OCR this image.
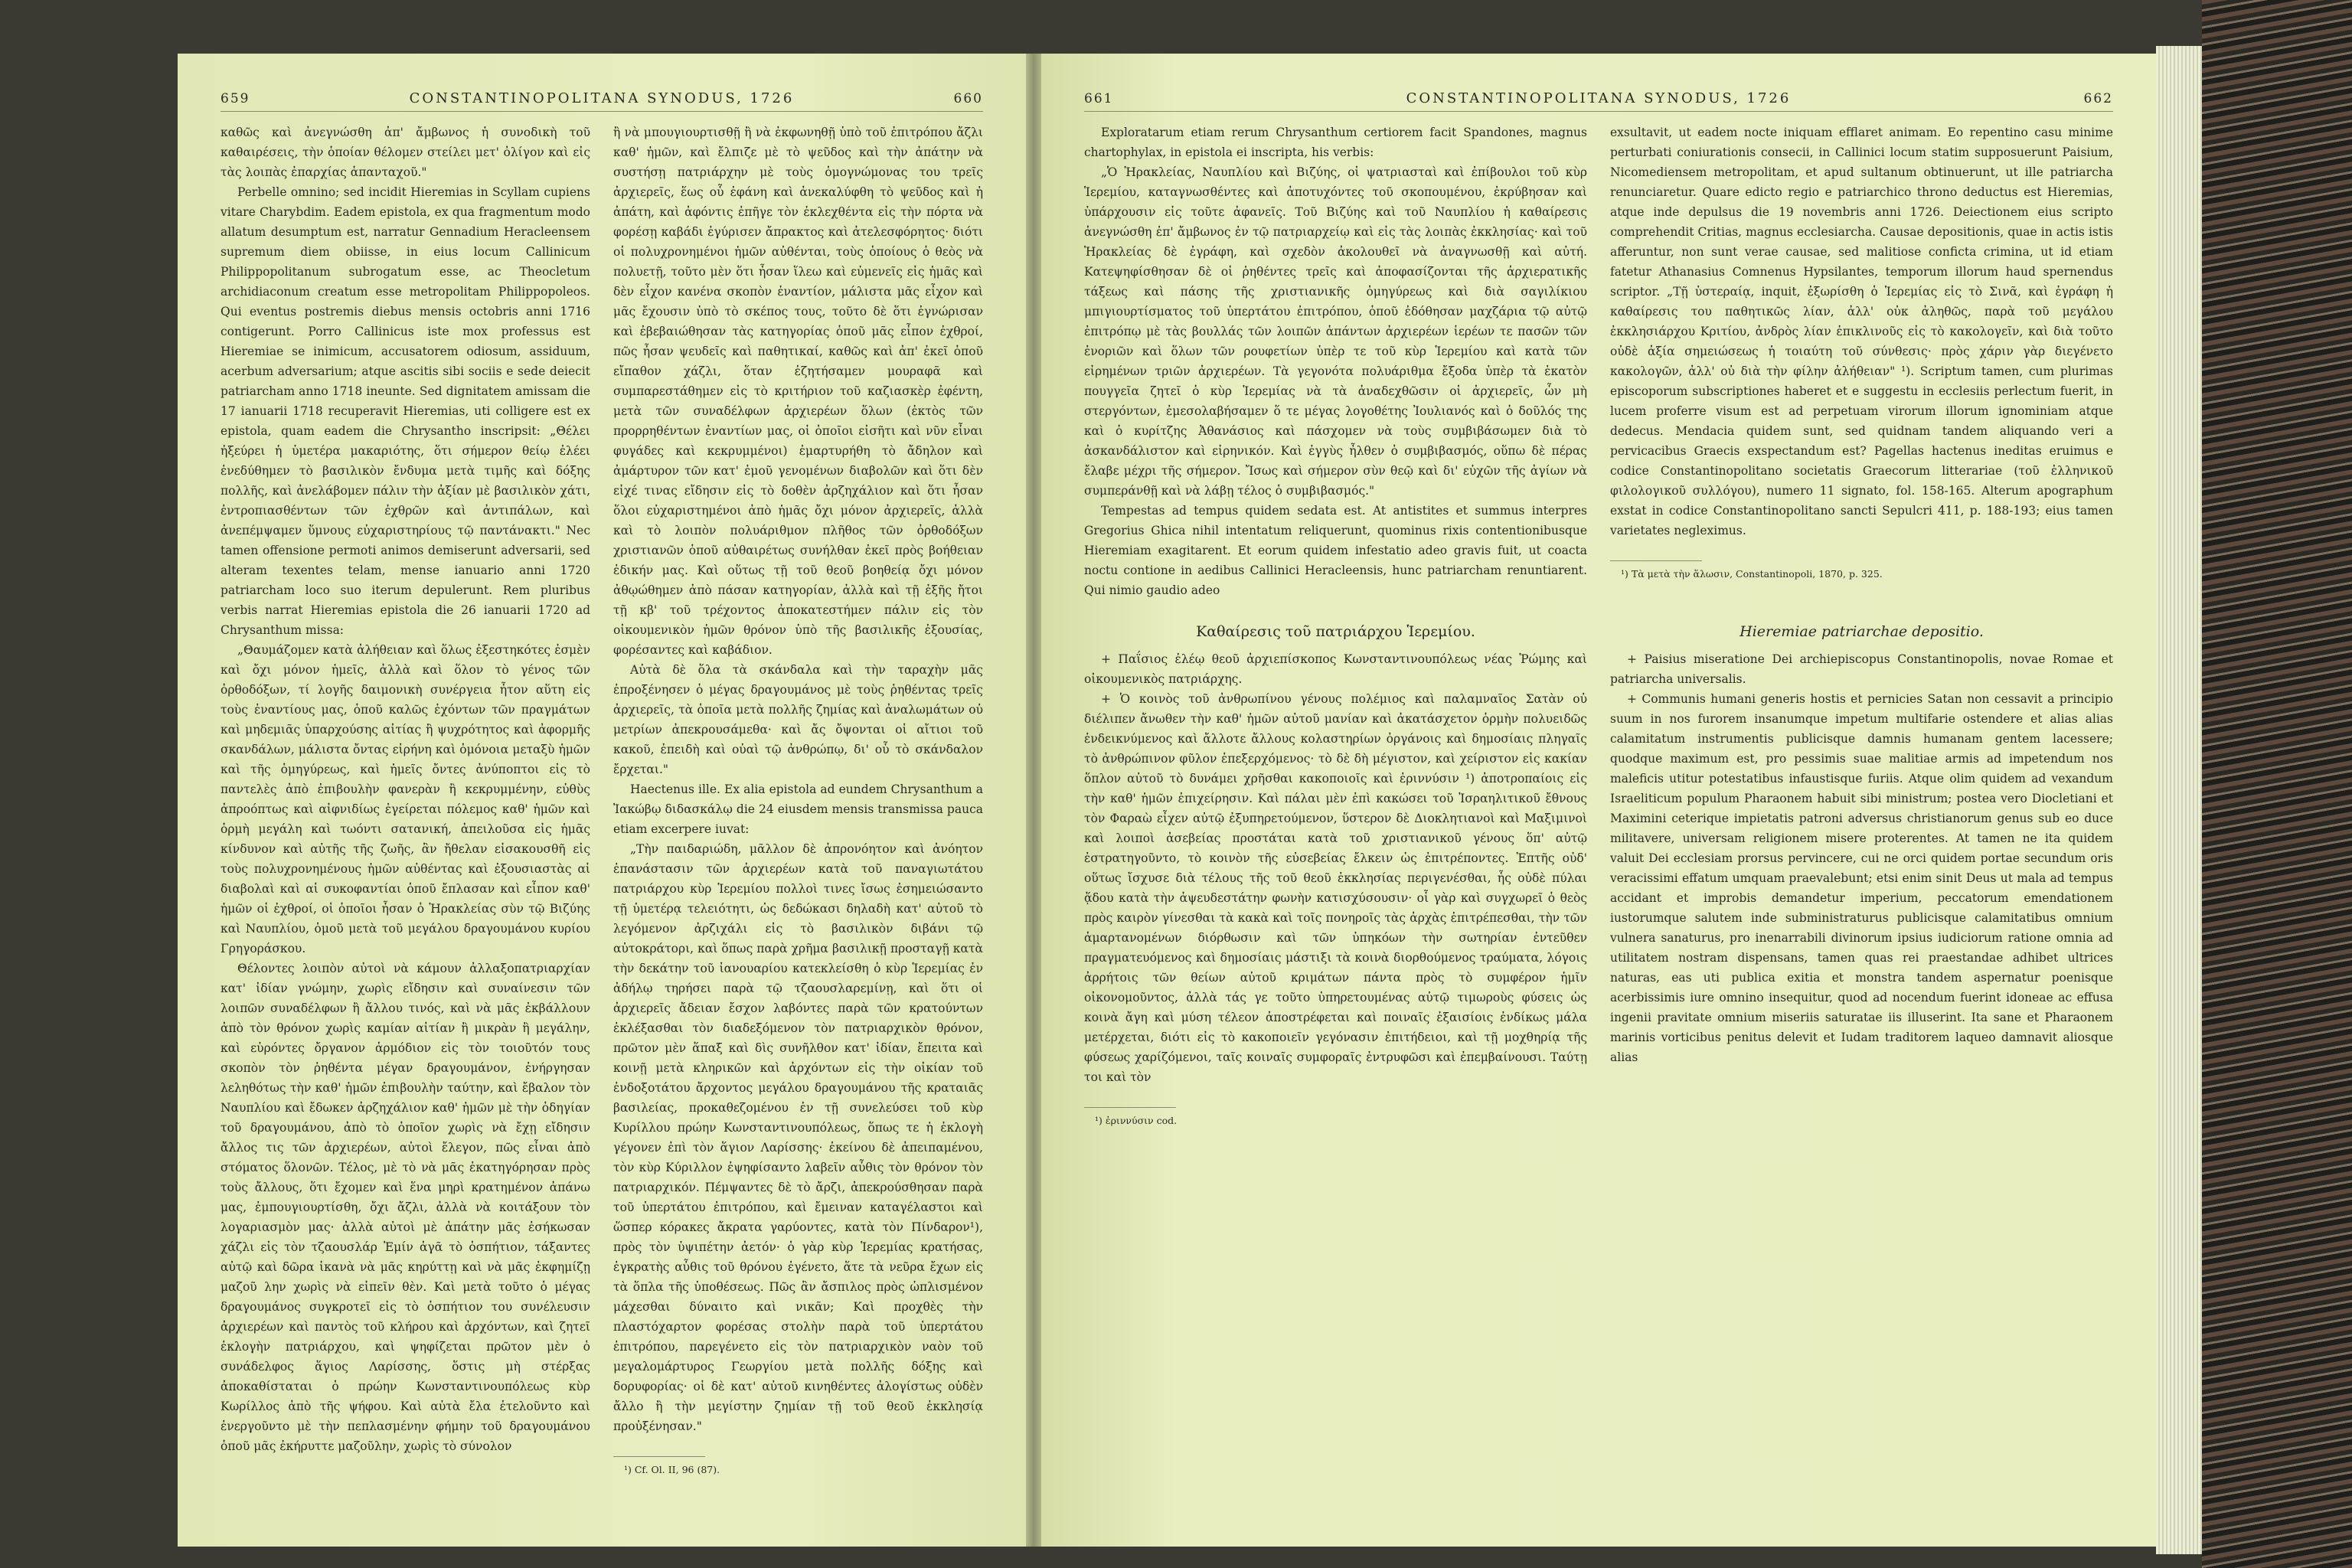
659	CONSTANTINOPOLITANA SYNODUS, 1726	660

καθῶς καὶ ἀνεγνώσθη ἀπ' ἄμβωνος ἡ συνοδικὴ τοῦ καθαιρέσεις, τὴν ὁποίαν θέλομεν στείλει μετ' ὀλίγον καὶ εἰς τὰς λοιπὰς ἐπαρχίας ἁπανταχοῦ."

Perbelle omnino; sed incidit Hieremias in Scyllam cupiens vitare Charybdim. Eadem epistola, ex qua fragmentum modo allatum desumptum est, narratur Gennadium Heracleensem supremum diem obiisse, in eius locum Callinicum Philippopolitanum subrogatum esse, ac Theocletum archidiaconum creatum esse metropolitam Philippopoleos. Qui eventus postremis diebus mensis octobris anni 1716 contigerunt. Porro Callinicus iste mox professus est Hieremiae se inimicum, accusatorem odiosum, assiduum, acerbum adversarium; atque ascitis sibi sociis e sede deiecit patriarcham anno 1718 ineunte. Sed dignitatem amissam die 17 ianuarii 1718 recuperavit Hieremias, uti colligere est ex epistola, quam eadem die Chrysantho inscripsit: „Θέλει ἠξεύρει ἡ ὑμετέρα μακαριότης, ὅτι σήμερον θείῳ ἐλέει ἐνεδύθημεν τὸ βασιλικὸν ἔνδυμα μετὰ τιμῆς καὶ δόξης πολλῆς, καὶ ἀνελάβομεν πάλιν τὴν ἀξίαν μὲ βασιλικὸν χάτι, ἐντροπιασθέντων τῶν ἐχθρῶν καὶ ἀντιπάλων, καὶ ἀνεπέμψαμεν ὕμνους εὐχαριστηρίους τῷ παντάνακτι." Nec tamen offensione permoti animos demiserunt adversarii, sed alteram texentes telam, mense ianuario anni 1720 patriarcham loco suo iterum depulerunt. Rem pluribus verbis narrat Hieremias epistola die 26 ianuarii 1720 ad Chrysanthum missa:

„Θαυμάζομεν κατὰ ἀλήθειαν καὶ ὅλως ἐξεστηκότες ἐσμὲν καὶ ὄχι μόνον ἡμεῖς, ἀλλὰ καὶ ὅλον τὸ γένος τῶν ὀρθοδόξων, τί λογῆς δαιμονικὴ συνέργεια ἦτον αὕτη εἰς τοὺς ἐναντίους μας, ὁποῦ καλῶς ἐχόντων τῶν πραγμάτων καὶ μηδεμιᾶς ὑπαρχούσης αἰτίας ἢ ψυχρότητος καὶ ἀφορμῆς σκανδάλων, μάλιστα ὄντας εἰρήνη καὶ ὁμόνοια μεταξὺ ἡμῶν καὶ τῆς ὁμηγύρεως, καὶ ἡμεῖς ὄντες ἀνύποπτοι εἰς τὸ παντελὲς ἀπὸ ἐπιβουλὴν φανερὰν ἢ κεκρυμμένην, εὐθὺς ἀπροόπτως καὶ αἰφνιδίως ἐγείρεται πόλεμος καθ' ἡμῶν καὶ ὁρμὴ μεγάλη καὶ τωόντι σατανική, ἀπειλοῦσα εἰς ἡμᾶς κίνδυνον καὶ αὐτῆς τῆς ζωῆς, ἂν ἤθελαν εἰσακουσθῆ εἰς τοὺς πολυχρονημένους ἡμῶν αὐθέντας καὶ ἐξουσιαστὰς αἱ διαβολαὶ καὶ αἱ συκοφαντίαι ὁποῦ ἔπλασαν καὶ εἶπον καθ' ἡμῶν οἱ ἐχθροί, οἱ ὁποῖοι ἦσαν ὁ Ἡρακλείας σὺν τῷ Βιζύης καὶ Ναυπλίου, ὁμοῦ μετὰ τοῦ μεγάλου δραγουμάνου κυρίου Γρηγοράσκου.

Θέλοντες λοιπὸν αὐτοὶ νὰ κάμουν ἀλλαξοπατριαρχίαν κατ' ἰδίαν γνώμην, χωρὶς εἴδησιν καὶ συναίνεσιν τῶν λοιπῶν συναδέλφων ἢ ἄλλου τινός, καὶ νὰ μᾶς ἐκβάλλουν ἀπὸ τὸν θρόνον χωρὶς καμίαν αἰτίαν ἢ μικρὰν ἢ μεγάλην, καὶ εὑρόντες ὄργανον ἁρμόδιον εἰς τὸν τοιοῦτόν τους σκοπὸν τὸν ῥηθέντα μέγαν δραγουμάνον, ἐνήργησαν λεληθότως τὴν καθ' ἡμῶν ἐπιβουλὴν ταύτην, καὶ ἔβαλον τὸν Ναυπλίου καὶ ἔδωκεν ἀρζηχάλιον καθ' ἡμῶν μὲ τὴν ὁδηγίαν τοῦ δραγουμάνου, ἀπὸ τὸ ὁποῖον χωρὶς νὰ ἔχῃ εἴδησιν ἄλλος τις τῶν ἀρχιερέων, αὐτοὶ ἔλεγον, πῶς εἶναι ἀπὸ στόματος ὅλονῶν. Τέλος, μὲ τὸ νὰ μᾶς ἐκατηγόρησαν πρὸς τοὺς ἄλλους, ὅτι ἔχομεν καὶ ἕνα μηρὶ κρατημένον ἀπάνω μας, ἐμπουγιουρτίσθη, ὄχι ἄζλι, ἀλλὰ νὰ κοιτάξουν τὸν λογαριασμὸν μας· ἀλλὰ αὐτοὶ μὲ ἀπάτην μᾶς ἐσήκωσαν χάζλι εἰς τὸν τζαουσλάρ Ἐμίν ἀγᾶ τὸ ὁσπήτιον, τάξαντες αὐτῷ καὶ δῶρα ἱκανὰ νὰ μᾶς κηρύττῃ καὶ νὰ μᾶς ἐκφημίζῃ μαζοῦ λην χωρὶς νὰ εἰπεῖν θὲν. Καὶ μετὰ τοῦτο ὁ μέγας δραγουμάνος συγκροτεῖ εἰς τὸ ὁσπήτιον του συνέλευσιν ἀρχιερέων καὶ παντὸς τοῦ κλήρου καὶ ἀρχόντων, καὶ ζητεῖ ἐκλογὴν πατριάρχου, καὶ ψηφίζεται πρῶτον μὲν ὁ συνάδελφος ἅγιος Λαρίσσης, ὅστις μὴ στέρξας ἀποκαθίσταται ὁ πρώην Κωνσταντινουπόλεως κὺρ Κωρίλλος ἀπὸ τῆς ψήφου. Καὶ αὐτὰ ἔλα ἐτελοῦντο καὶ ἐνεργοῦντο μὲ τὴν πεπλασμένην φήμην τοῦ δραγουμάνου ὁποῦ μᾶς ἐκήρυττε μαζοῦλην, χωρὶς τὸ σύνολον

ἢ νὰ μπουγιουρτισθῇ ἢ νὰ ἐκφωνηθῇ ὑπὸ τοῦ ἐπιτρόπου ἄζλι καθ' ἡμῶν, καὶ ἔλπιζε μὲ τὸ ψεῦδος καὶ τὴν ἀπάτην νὰ συστήσῃ πατριάρχην μὲ τοὺς ὁμογνώμονας του τρεῖς ἀρχιερεῖς, ἕως οὗ ἐφάνη καὶ ἀνεκαλύφθη τὸ ψεῦδος καὶ ἡ ἀπάτη, καὶ ἀφόντις ἐπῆγε τὸν ἐκλεχθέντα εἰς τὴν πόρτα νὰ φορέσῃ καβάδι ἐγύρισεν ἄπρακτος καὶ ἀτελεσφόρητος· διότι οἱ πολυχρονημένοι ἡμῶν αὐθένται, τοὺς ὁποίους ὁ θεὸς νὰ πολυετῇ, τοῦτο μὲν ὅτι ἦσαν ἵλεω καὶ εὐμενεῖς εἰς ἡμᾶς καὶ δὲν εἶχον κανένα σκοπὸν ἐναντίον, μάλιστα μᾶς εἶχον καὶ μᾶς ἔχουσιν ὑπὸ τὸ σκέπος τους, τοῦτο δὲ ὅτι ἐγνώρισαν καὶ ἐβεβαιώθησαν τὰς κατηγορίας ὁποῦ μᾶς εἶπον ἐχθροί, πῶς ἦσαν ψευδεῖς καὶ παθητικαί, καθῶς καὶ ἀπ' ἐκεῖ ὁποῦ εἴπαθον χάζλι, ὅταν ἐζητήσαμεν μουραφᾶ καὶ συμπαρεστάθημεν εἰς τὸ κριτήριον τοῦ καζιασκὲρ ἐφέντη, μετὰ τῶν συναδέλφων ἀρχιερέων ὅλων (ἐκτὸς τῶν προρρηθέντων ἐναντίων μας, οἱ ὁποῖοι εἰσῆτι καὶ νῦν εἶναι φυγάδες καὶ κεκρυμμένοι) ἐμαρτυρήθη τὸ ἄδηλον καὶ ἀμάρτυρον τῶν κατ' ἐμοῦ γενομένων διαβολῶν καὶ ὅτι δὲν εἰχέ τινας εἴδησιν εἰς τὸ δοθὲν ἀρζηχάλιον καὶ ὅτι ἦσαν ὅλοι εὐχαριστημένοι ἀπὸ ἡμᾶς ὄχι μόνον ἀρχιερεῖς, ἀλλὰ καὶ τὸ λοιπὸν πολυάριθμον πλῆθος τῶν ὀρθοδόξων χριστιανῶν ὁποῦ αὐθαιρέτως συνήλθαν ἐκεῖ πρὸς βοήθειαν ἐδικήν μας. Καὶ οὕτως τῇ τοῦ θεοῦ βοηθείᾳ ὄχι μόνον ἀθῳώθημεν ἀπὸ πάσαν κατηγορίαν, ἀλλὰ καὶ τῇ ἐξῆς ἤτοι τῇ κβ' τοῦ τρέχοντος ἀποκατεστήμεν πάλιν εἰς τὸν οἰκουμενικὸν ἡμῶν θρόνον ὑπὸ τῆς βασιλικῆς ἐξουσίας, φορέσαντες καὶ καβάδιον.

Αὐτὰ δὲ ὅλα τὰ σκάνδαλα καὶ τὴν ταραχὴν μᾶς ἐπροξένησεν ὁ μέγας δραγουμάνος μὲ τοὺς ῥηθέντας τρεῖς ἀρχιερεῖς, τὰ ὁποῖα μετὰ πολλῆς ζημίας καὶ ἀναλωμάτων οὐ μετρίων ἀπεκρουσάμεθα· καὶ ἄς ὄψονται οἱ αἴτιοι τοῦ κακοῦ, ἐπειδὴ καὶ οὐαὶ τῷ ἀνθρώπῳ, δι' οὗ τὸ σκάνδαλον ἔρχεται."

Haectenus ille. Ex alia epistola ad eundem Chrysanthum a Ἰακώβῳ διδασκάλῳ die 24 eiusdem mensis transmissa pauca etiam excerpere iuvat:

„Τὴν παιδαριώδη, μᾶλλον δὲ ἀπρονόητον καὶ ἀνόητον ἐπανάστασιν τῶν ἀρχιερέων κατὰ τοῦ παναγιωτάτου πατριάρχου κὺρ Ἱερεμίου πολλοὶ τινες ἴσως ἐσημειώσαντο τῇ ὑμετέρᾳ τελειότητι, ὡς δεδώκασι δηλαδὴ κατ' αὐτοῦ τὸ λεγόμενον ἀρζιχάλι εἰς τὸ βασιλικὸν διβάνι τῷ αὐτοκράτορι, καὶ ὅπως παρὰ χρῆμα βασιλικῇ προσταγῇ κατὰ τὴν δεκάτην τοῦ ἰανουαρίου κατεκλείσθη ὁ κὺρ Ἱερεμίας ἐν ἀδήλῳ τηρήσει παρὰ τῷ τζαουσλαρεμίνῃ, καὶ ὅτι οἱ ἀρχιερεῖς ἄδειαν ἔσχον λαβόντες παρὰ τῶν κρατούντων ἐκλέξασθαι τὸν διαδεξόμενον τὸν πατριαρχικὸν θρόνον, πρῶτον μὲν ἅπαξ καὶ δὶς συνῆλθον κατ' ἰδίαν, ἔπειτα καὶ κοινῇ μετὰ κληρικῶν καὶ ἀρχόντων εἰς τὴν οἰκίαν τοῦ ἐνδοξοτάτου ἄρχοντος μεγάλου δραγουμάνου τῆς κραταιᾶς βασιλείας, προκαθεζομένου ἐν τῇ συνελεύσει τοῦ κὺρ Κυρίλλου πρώην Κωνσταντινουπόλεως, ὅπως τε ἡ ἐκλογὴ γέγονεν ἐπὶ τὸν ἅγιον Λαρίσσης· ἐκείνου δὲ ἀπειπαμένου, τὸν κὺρ Κύριλλον ἐψηφίσαντο λαβεῖν αὖθις τὸν θρόνον τὸν πατριαρχικόν. Πέμψαντες δὲ τὸ ἄρζι, ἀπεκρούσθησαν παρὰ τοῦ ὑπερτάτου ἐπιτρόπου, καὶ ἔμειναν καταγέλαστοι καὶ ὥσπερ κόρακες ἄκρατα γαρύοντες, κατὰ τὸν Πίνδαρον¹), πρὸς τὸν ὑψιπέτην ἀετόν· ὁ γὰρ κὺρ Ἱερεμίας κρατήσας, ἐγκρατὴς αὖθις τοῦ θρόνου ἐγένετο, ἅτε τὰ νεῦρα ἔχων εἰς τὰ ὅπλα τῆς ὑποθέσεως. Πῶς ἂν ἄσπιλος πρὸς ὡπλισμένον μάχεσθαι δύναιτο καὶ νικᾶν; Καὶ προχθὲς τὴν πλαστόχαρτον φορέσας στολὴν παρὰ τοῦ ὑπερτάτου ἐπιτρόπου, παρεγένετο εἰς τὸν πατριαρχικὸν ναὸν τοῦ μεγαλομάρτυρος Γεωργίου μετὰ πολλῆς δόξης καὶ δορυφορίας· οἱ δὲ κατ' αὐτοῦ κινηθέντες ἀλογίστως οὐδὲν ἄλλο ἢ τὴν μεγίστην ζημίαν τῇ τοῦ θεοῦ ἐκκλησίᾳ προὐξένησαν."

¹) Cf. Ol. II, 96 (87).
661	CONSTANTINOPOLITANA SYNODUS, 1726	662

Exploratarum etiam rerum Chrysanthum certiorem facit Spandones, magnus chartophylax, in epistola ei inscripta, his verbis:

„Ὁ Ἡρακλείας, Ναυπλίου καὶ Βιζύης, οἱ ψατριασταὶ καὶ ἐπίβουλοι τοῦ κὺρ Ἱερεμίου, καταγνωσθέντες καὶ ἀποτυχόντες τοῦ σκοπουμένου, ἐκρύβησαν καὶ ὑπάρχουσιν εἰς τοῦτε ἀφανεῖς. Τοῦ Βιζύης καὶ τοῦ Ναυπλίου ἡ καθαίρεσις ἀνεγνώσθη ἐπ' ἄμβωνος ἐν τῷ πατριαρχείῳ καὶ εἰς τὰς λοιπὰς ἐκκλησίας· καὶ τοῦ Ἡρακλείας δὲ ἐγράφη, καὶ σχεδὸν ἀκολουθεῖ νὰ ἀναγνωσθῇ καὶ αὐτή. Κατεψηφίσθησαν δὲ οἱ ῥηθέντες τρεῖς καὶ ἀποφασίζονται τῆς ἀρχιερατικῆς τάξεως καὶ πάσης τῆς χριστιανικῆς ὁμηγύρεως καὶ διὰ σαγιλίκιου μπιγιουρτίσματος τοῦ ὑπερτάτου ἐπιτρόπου, ὁποῦ ἐδόθησαν μαχζάρια τῷ αὐτῷ ἐπιτρόπῳ μὲ τὰς βουλλάς τῶν λοιπῶν ἁπάντων ἀρχιερέων ἱερέων τε πασῶν τῶν ἐνοριῶν καὶ ὅλων τῶν ρουφετίων ὑπὲρ τε τοῦ κὺρ Ἱερεμίου καὶ κατὰ τῶν εἰρημένων τριῶν ἀρχιερέων. Τὰ γεγονότα πολυάριθμα ἔξοδα ὑπὲρ τὰ ἑκατὸν πουγγεῖα ζητεῖ ὁ κὺρ Ἱερεμίας νὰ τὰ ἀναδεχθῶσιν οἱ ἀρχιερεῖς, ὧν μὴ στεργόντων, ἐμεσολαβήσαμεν ὅ τε μέγας λογοθέτης Ἰουλιανός καὶ ὁ δοῦλός της καὶ ὁ κυρίτζης Ἀθανάσιος καὶ πάσχομεν νὰ τοὺς συμβιβάσωμεν διὰ τὸ ἀσκανδάλιστον καὶ εἰρηνικόν. Καὶ ἐγγὺς ἦλθεν ὁ συμβιβασμός, οὕπω δὲ πέρας ἔλαβε μέχρι τῆς σήμερον. Ἴσως καὶ σήμερον σὺν θεῷ καὶ δι' εὐχῶν τῆς ἀγίων νὰ συμπεράνθῇ καὶ νὰ λάβῃ τέλος ὁ συμβιβασμός."

Tempestas ad tempus quidem sedata est. At antistites et summus interpres Gregorius Ghica nihil intentatum reliquerunt, quominus rixis contentionibusque Hieremiam exagitarent. Et eorum quidem infestatio adeo gravis fuit, ut coacta noctu contione in aedibus Callinici Heracleensis, hunc patriarcham renuntiarent. Qui nimio gaudio adeo

exsultavit, ut eadem nocte iniquam efflaret animam. Eo repentino casu minime perturbati coniurationis consecii, in Callinici locum statim supposuerunt Paisium, Nicomediensem metropolitam, et apud sultanum obtinuerunt, ut ille patriarcha renunciaretur. Quare edicto regio e patriarchico throno deductus est Hieremias, atque inde depulsus die 19 novembris anni 1726. Deiectionem eius scripto comprehendit Critias, magnus ecclesiarcha. Causae depositionis, quae in actis istis afferuntur, non sunt verae causae, sed malitiose conficta crimina, ut id etiam fatetur Athanasius Comnenus Hypsilantes, temporum illorum haud spernendus scriptor. „Τῇ ὑστεραίᾳ, inquit, ἐξωρίσθη ὁ Ἱερεμίας εἰς τὸ Σινᾶ, καὶ ἐγράφη ἡ καθαίρεσις του παθητικῶς λίαν, ἀλλ' οὐκ ἀληθῶς, παρὰ τοῦ μεγάλου ἐκκλησιάρχου Κριτίου, ἀνδρὸς λίαν ἐπικλινοῦς εἰς τὸ κακολογεῖν, καὶ διὰ τοῦτο οὐδὲ ἀξία σημειώσεως ἡ τοιαύτη τοῦ σύνθεσις· πρὸς χάριν γὰρ διεγένετο κακολογῶν, ἀλλ' οὐ διὰ τὴν φίλην ἀλήθειαν" ¹). Scriptum tamen, cum plurimas episcoporum subscriptiones haberet et e suggestu in ecclesiis perlectum fuerit, in lucem proferre visum est ad perpetuam virorum illorum ignominiam atque dedecus. Mendacia quidem sunt, sed quidnam tandem aliquando veri a pervicacibus Graecis exspectandum est? Pagellas hactenus ineditas eruimus e codice Constantinopolitano societatis Graecorum litterariae (τοῦ ἑλληνικοῦ φιλολογικοῦ συλλόγου), numero 11 signato, fol. 158-165. Alterum apographum exstat in codice Constantinopolitano sancti Sepulcri 411, p. 188-193; eius tamen varietates negleximus.

¹) Τὰ μετὰ τὴν ἅλωσιν, Constantinopoli, 1870, p. 325.
Καθαίρεσις τοῦ πατριάρχου Ἱερεμίου.

+ Παΐσιος ἐλέῳ θεοῦ ἀρχιεπίσκοπος Κωνσταντινουπόλεως νέας Ῥώμης καὶ οἰκουμενικὸς πατριάρχης.

+ Ὁ κοινὸς τοῦ ἀνθρωπίνου γένους πολέμιος καὶ παλαμναῖος Σατὰν οὐ διέλιπεν ἄνωθεν τὴν καθ' ἡμῶν αὐτοῦ μανίαν καὶ ἀκατάσχετον ὁρμὴν πολυειδῶς ἐνδεικνύμενος καὶ ἄλλοτε ἄλλους κολαστηρίων ὀργάνοις καὶ δημοσίαις πληγαῖς τὸ ἀνθρώπινον φῦλον ἐπεξερχόμενος· τὸ δὲ δὴ μέγιστον, καὶ χείριστον εἰς κακίαν ὅπλον αὐτοῦ τὸ δυνάμει χρῆσθαι κακοποιοῖς καὶ ἐριννύσιν ¹) ἀποτροπαίοις εἰς τὴν καθ' ἡμῶν ἐπιχείρησιν. Καὶ πάλαι μὲν ἐπὶ κακώσει τοῦ Ἰσραηλιτικοῦ ἔθνους τὸν Φαραὼ εἶχεν αὐτῷ ἐξυπηρετούμενον, ὕστερον δὲ Διοκλητιανοὶ καὶ Μαξιμινοὶ καὶ λοιποὶ ἀσεβείας προστάται κατὰ τοῦ χριστιανικοῦ γένους ὅπ' αὐτῷ ἐστρατηγοῦντο, τὸ κοινὸν τῆς εὐσεβείας ἔλκειν ὡς ἐπιτρέποντες. Ἐπτῆς οὐδ' οὕτως ἴσχυσε διὰ τέλους τῆς τοῦ θεοῦ ἐκκλησίας περιγενέσθαι, ἧς οὐδὲ πύλαι ᾅδου κατὰ τὴν ἀψευδεστάτην φωνὴν κατισχύσουσιν· οἷ γὰρ καὶ συγχωρεῖ ὁ θεὸς πρὸς καιρὸν γίνεσθαι τὰ κακὰ καὶ τοῖς πονηροῖς τὰς ἀρχὰς ἐπιτρέπεσθαι, τὴν τῶν ἁμαρτανομένων διόρθωσιν καὶ τῶν ὑπηκόων τὴν σωτηρίαν ἐντεῦθεν πραγματευόμενος καὶ δημοσίαις μάστιξι τὰ κοινὰ διορθούμενος τραύματα, λόγοις ἀρρήτοις τῶν θείων αὐτοῦ κριμάτων πάντα πρὸς τὸ συμφέρον ἡμῖν οἰκονομοῦντος, ἀλλὰ τάς γε τοῦτο ὑπηρετουμένας αὐτῷ τιμωροὺς φύσεις ὡς κοινὰ ἄγη καὶ μύση τέλεον ἀποστρέφεται καὶ ποιναῖς ἐξαισίοις ἐνδίκως μάλα μετέρχεται, διότι εἰς τὸ κακοποιεῖν γεγόνασιν ἐπιτήδειοι, καὶ τῇ μοχθηρίᾳ τῆς φύσεως χαρίζόμενοι, ταῖς κοιναῖς συμφοραῖς ἐντρυφῶσι καὶ ἐπεμβαίνουσι. Ταύτῃ τοι καὶ τὸν

¹) ἐριννύσιν cod.
Hieremiae patriarchae depositio.

+ Paisius miseratione Dei archiepiscopus Constantinopolis, novae Romae et patriarcha universalis.

+ Communis humani generis hostis et pernicies Satan non cessavit a principio suum in nos furorem insanumque impetum multifarie ostendere et alias alias calamitatum instrumentis publicisque damnis humanam gentem lacessere; quodque maximum est, pro pessimis suae malitiae armis ad impetendum nos maleficis utitur potestatibus infaustisque furiis. Atque olim quidem ad vexandum Israeliticum populum Pharaonem habuit sibi ministrum; postea vero Diocletiani et Maximini ceterique impietatis patroni adversus christianorum genus sub eo duce militavere, universam religionem misere proterentes. At tamen ne ita quidem valuit Dei ecclesiam prorsus pervincere, cui ne orci quidem portae secundum oris veracissimi effatum umquam praevalebunt; etsi enim sinit Deus ut mala ad tempus accidant et improbis demandetur imperium, peccatorum emendationem iustorumque salutem inde subministraturus publicisque calamitatibus omnium vulnera sanaturus, pro inenarrabili divinorum ipsius iudiciorum ratione omnia ad utilitatem nostram dispensans, tamen quas rei praestandae adhibet ultrices naturas, eas uti publica exitia et monstra tandem aspernatur poenisque acerbissimis iure omnino insequitur, quod ad nocendum fuerint idoneae ac effusa ingenii pravitate omnium miseriis saturatae iis illuserint. Ita sane et Pharaonem marinis vorticibus penitus delevit et Iudam traditorem laqueo damnavit aliosque alias
